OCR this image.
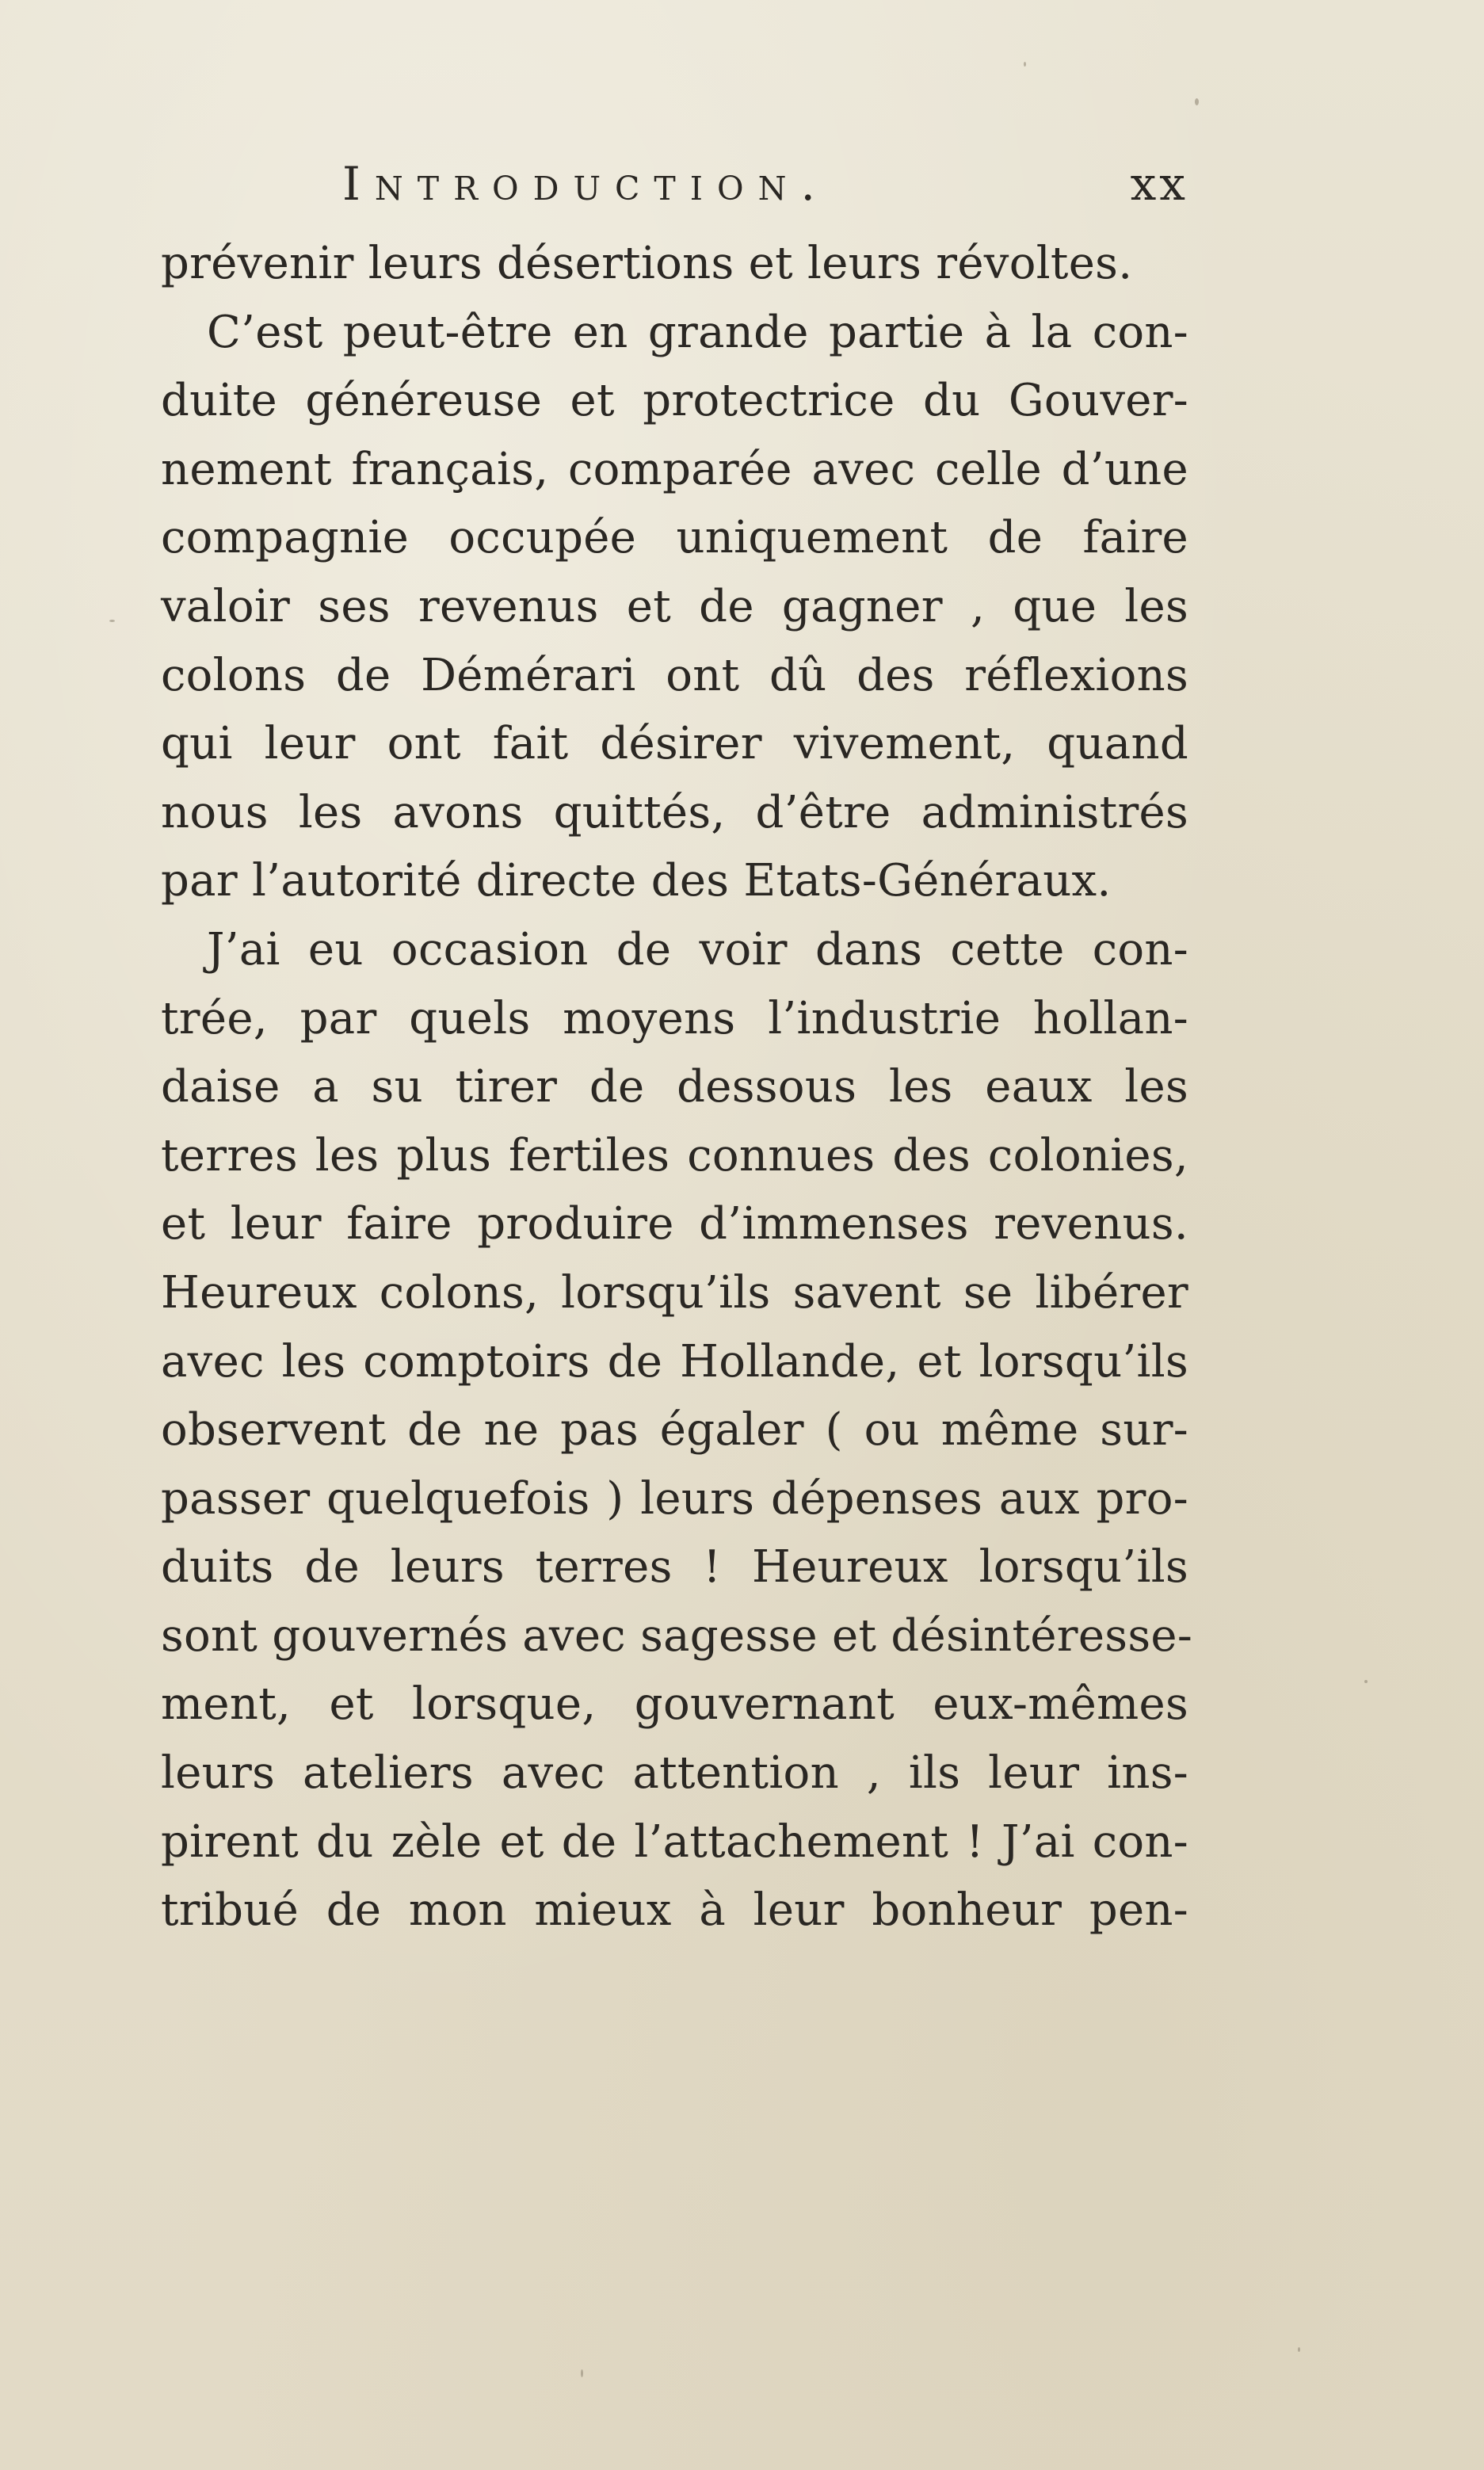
Introduction.	xx
prévenir leurs désertions et leurs révoltes.
C’est peut-être en grande partie à la con-
duite généreuse et protectrice du Gouver-
nement français, comparée avec celle d’une
compagnie occupée uniquement de faire
valoir ses revenus et de gagner , que les
colons de Démérari ont dû des réflexions
qui leur ont fait désirer vivement, quand
nous les avons quittés, d’être administrés
par l’autorité directe des Etats-Généraux.
J’ai eu occasion de voir dans cette con-
trée, par quels moyens l’industrie hollan-
daise a su tirer de dessous les eaux les
terres les plus fertiles connues des colonies,
et leur faire produire d’immenses revenus.
Heureux colons, lorsqu’ils savent se libérer
avec les comptoirs de Hollande, et lorsqu’ils
observent de ne pas égaler ( ou même sur-
passer quelquefois ) leurs dépenses aux pro-
duits de leurs terres ! Heureux lorsqu’ils
sont gouvernés avec sagesse et désintéresse-
ment, et lorsque, gouvernant eux-mêmes
leurs ateliers avec attention , ils leur ins-
pirent du zèle et de l’attachement ! J’ai con-
tribué de mon mieux à leur bonheur pen-
